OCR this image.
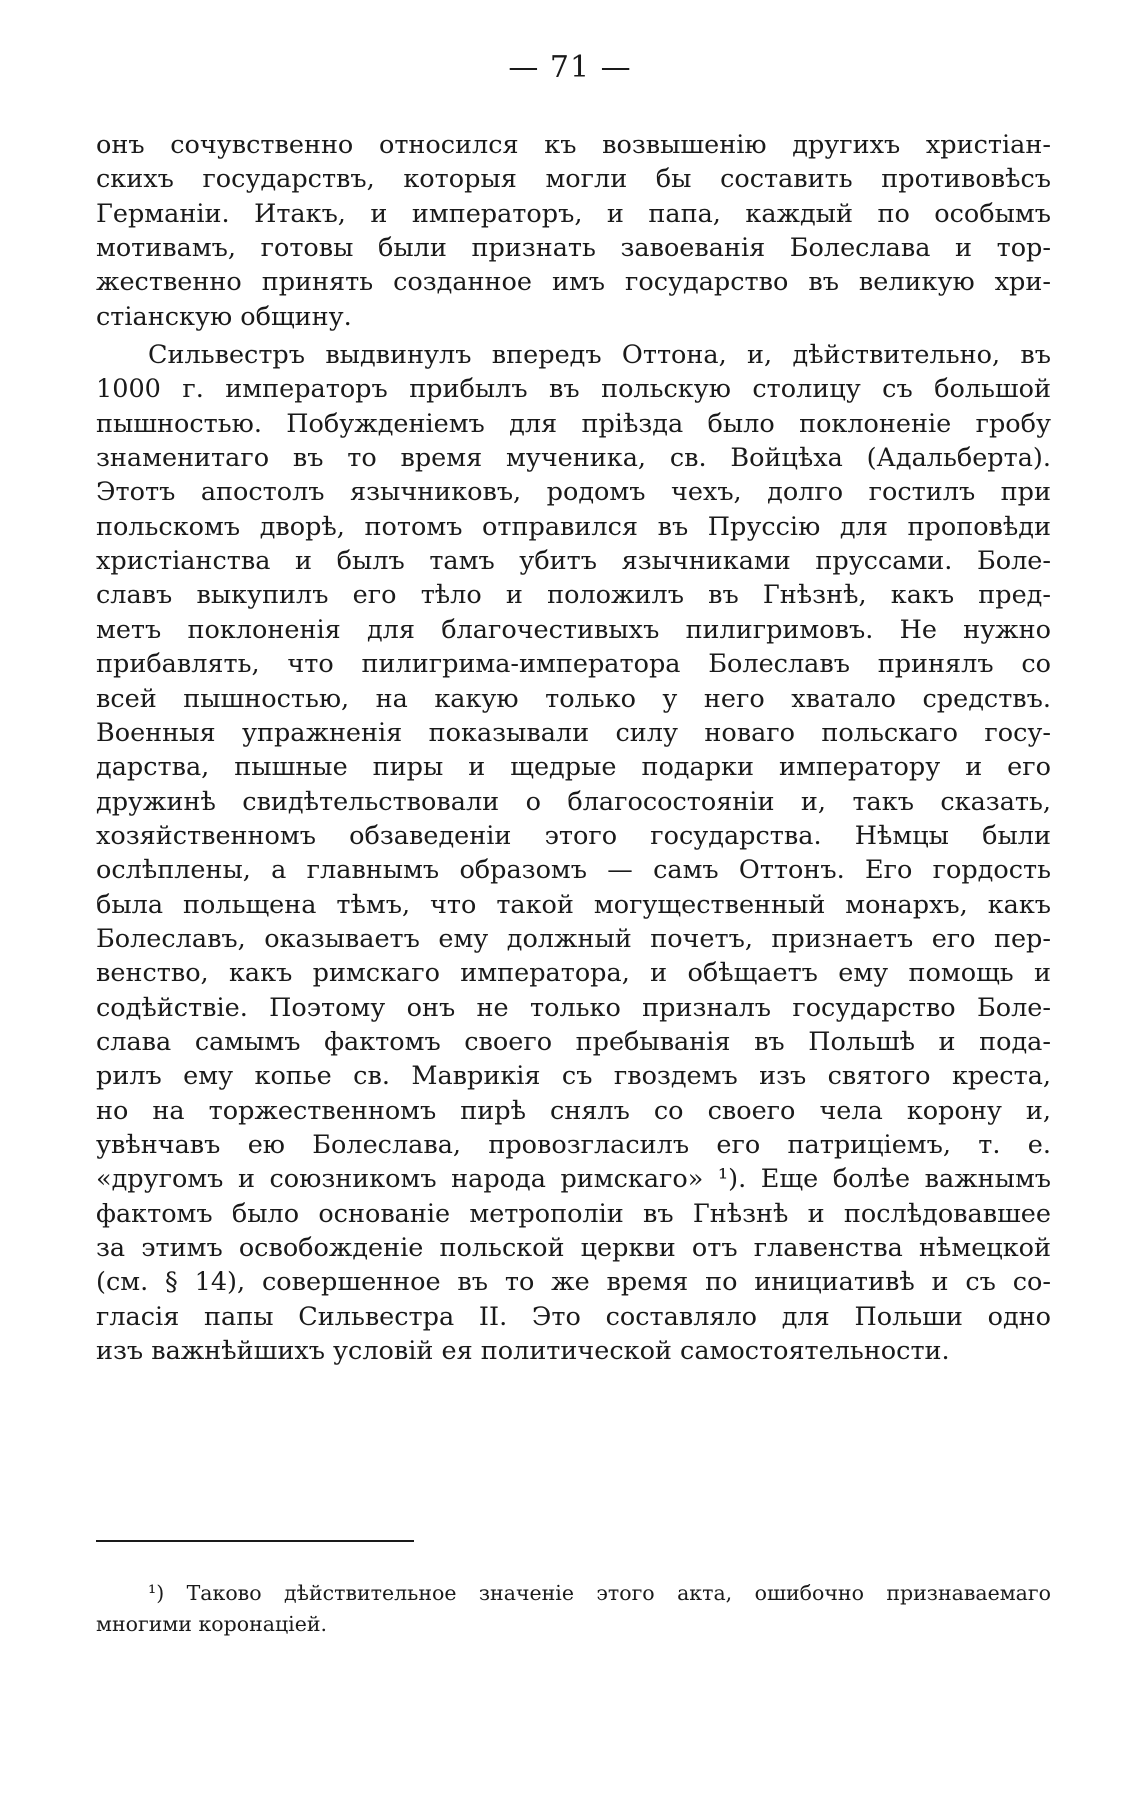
— 71 —
онъ сочувственно относился къ возвышенію другихъ христіан-
скихъ государствъ, которыя могли бы составить противовѣсъ
Германіи. Итакъ, и императоръ, и папа, каждый по особымъ
мотивамъ, готовы были признать завоеванія Болеслава и тор-
жественно принять созданное имъ государство въ великую хри-
стіанскую общину.
Сильвестръ выдвинулъ впередъ Оттона, и, дѣйствительно, въ
1000 г. императоръ прибылъ въ польскую столицу съ большой
пышностью. Побужденіемъ для пріѣзда было поклоненіе гробу
знаменитаго въ то время мученика, св. Войцѣха (Адальберта).
Этотъ апостолъ язычниковъ, родомъ чехъ, долго гостилъ при
польскомъ дворѣ, потомъ отправился въ Пруссію для проповѣди
христіанства и былъ тамъ убитъ язычниками пруссами. Боле-
славъ выкупилъ его тѣло и положилъ въ Гнѣзнѣ, какъ пред-
метъ поклоненія для благочестивыхъ пилигримовъ. Не нужно
прибавлять, что пилигрима-императора Болеславъ принялъ со
всей пышностью, на какую только у него хватало средствъ.
Военныя упражненія показывали силу новаго польскаго госу-
дарства, пышные пиры и щедрые подарки императору и его
дружинѣ свидѣтельствовали о благосостояніи и, такъ сказать,
хозяйственномъ обзаведеніи этого государства. Нѣмцы были
ослѣплены, а главнымъ образомъ — самъ Оттонъ. Его гордость
была польщена тѣмъ, что такой могущественный монархъ, какъ
Болеславъ, оказываетъ ему должный почетъ, признаетъ его пер-
венство, какъ римскаго императора, и обѣщаетъ ему помощь и
содѣйствіе. Поэтому онъ не только призналъ государство Боле-
слава самымъ фактомъ своего пребыванія въ Польшѣ и пода-
рилъ ему копье св. Маврикія съ гвоздемъ изъ святого креста,
но на торжественномъ пирѣ снялъ со своего чела корону и,
увѣнчавъ ею Болеслава, провозгласилъ его патриціемъ, т. е.
«другомъ и союзникомъ народа римскаго» ¹). Еще болѣе важнымъ
фактомъ было основаніе метрополіи въ Гнѣзнѣ и послѣдовавшее
за этимъ освобожденіе польской церкви отъ главенства нѣмецкой
(см. § 14), совершенное въ то же время по инициативѣ и съ со-
гласія папы Сильвестра II. Это составляло для Польши одно
изъ важнѣйшихъ условій ея политической самостоятельности.
¹) Таково дѣйствительное значеніе этого акта, ошибочно признаваемаго
многими коронацiей.
